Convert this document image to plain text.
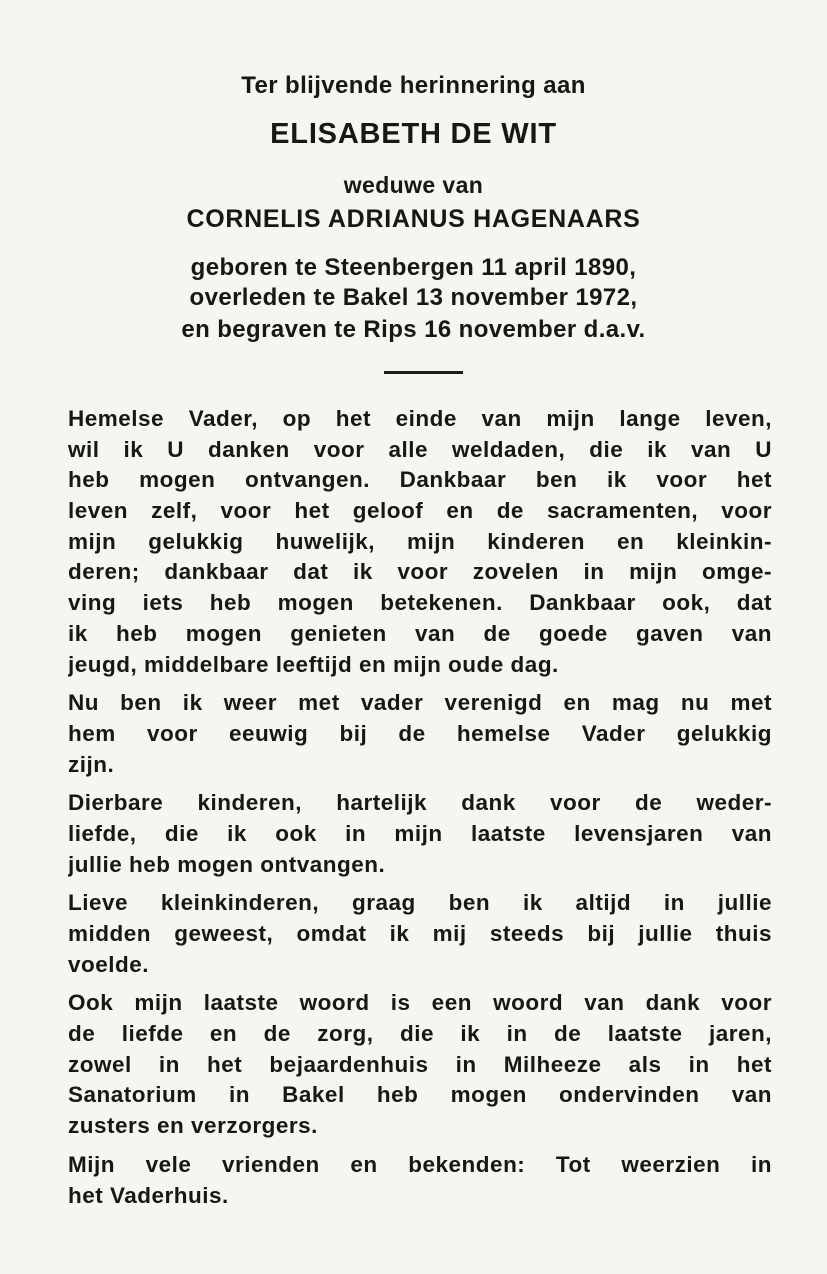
Ter blijvende herinnering aan
ELISABETH DE WIT
weduwe van
CORNELIS ADRIANUS HAGENAARS
geboren te Steenbergen 11 april 1890,
overleden te Bakel 13 november 1972,
en begraven te Rips 16 november d.a.v.
Hemelse Vader, op het einde van mijn lange leven,
wil ik U danken voor alle weldaden, die ik van U
heb mogen ontvangen. Dankbaar ben ik voor het
leven zelf, voor het geloof en de sacramenten, voor
mijn gelukkig huwelijk, mijn kinderen en kleinkin-
deren; dankbaar dat ik voor zovelen in mijn omge-
ving iets heb mogen betekenen. Dankbaar ook, dat
ik heb mogen genieten van de goede gaven van
jeugd, middelbare leeftijd en mijn oude dag.
Nu ben ik weer met vader verenigd en mag nu met
hem voor eeuwig bij de hemelse Vader gelukkig
zijn.
Dierbare kinderen, hartelijk dank voor de weder-
liefde, die ik ook in mijn laatste levensjaren van
jullie heb mogen ontvangen.
Lieve kleinkinderen, graag ben ik altijd in jullie
midden geweest, omdat ik mij steeds bij jullie thuis
voelde.
Ook mijn laatste woord is een woord van dank voor
de liefde en de zorg, die ik in de laatste jaren,
zowel in het bejaardenhuis in Milheeze als in het
Sanatorium in Bakel heb mogen ondervinden van
zusters en verzorgers.
Mijn vele vrienden en bekenden: Tot weerzien in
het Vaderhuis.
